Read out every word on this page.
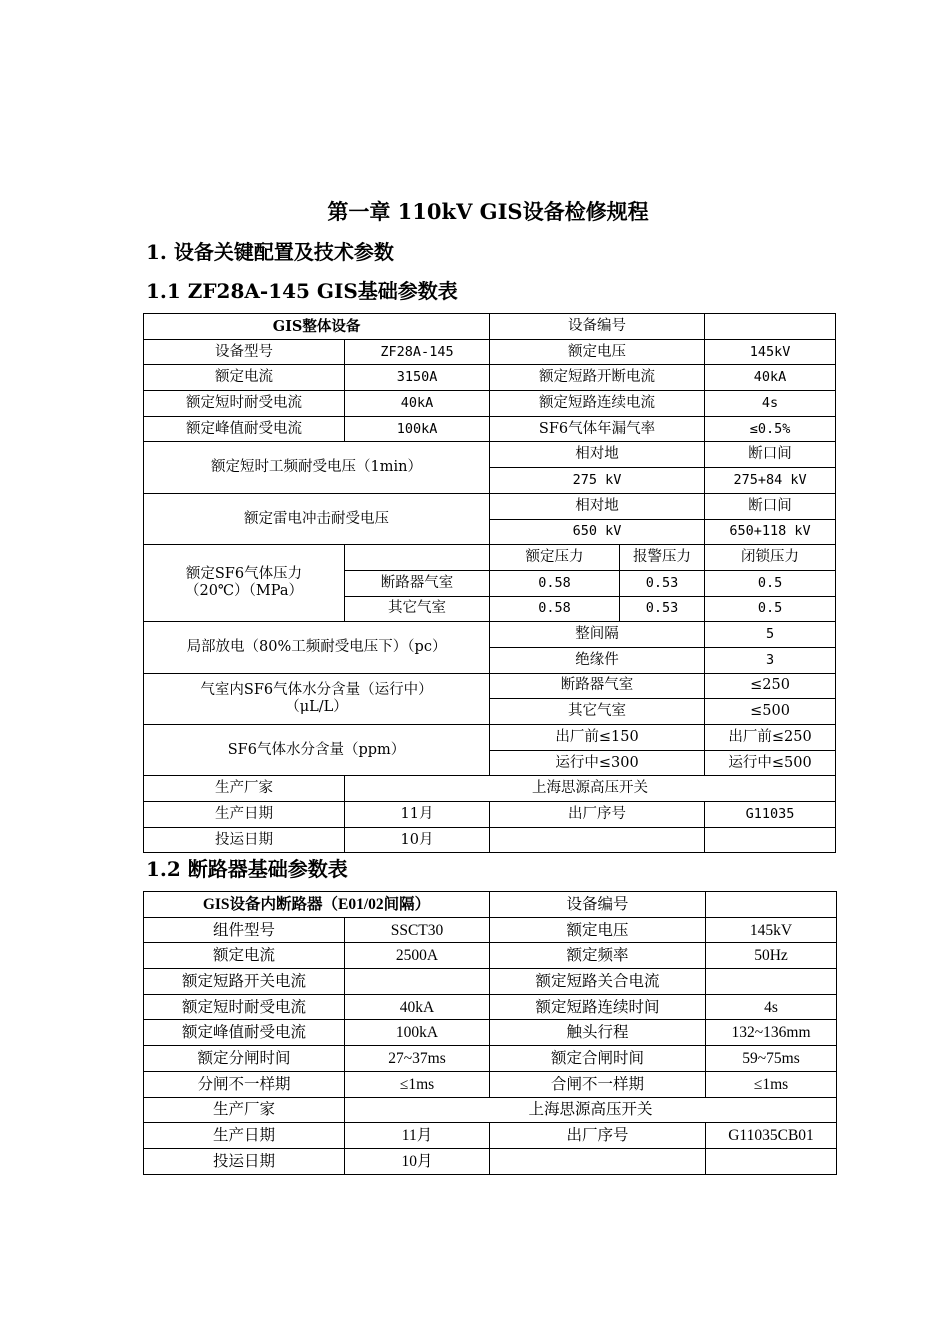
第一章 110kV GIS设备检修规程
1. 设备关键配置及技术参数
1.1 ZF28A-145 GIS基础参数表
GIS整体设备		设备编号		
设备型号	ZF28A-145	额定电压		145kV
额定电流	3150A	额定短路开断电流		40kA
额定短时耐受电流	40kA	额定短路连续电流		4s
额定峰值耐受电流	100kA	SF6气体年漏气率		≤0.5%
额定短时工频耐受电压（1min）		相对地		断口间
		275 kV		275+84 kV
额定雷电冲击耐受电压		相对地		断口间
		650 kV		650+118 kV

额定SF6气体压力
（20℃）（MPa）		额定压力	报警压力	闭锁压力
	断路器气室	0.58	0.53	0.5
	其它气室	0.58	0.53	0.5
局部放电（80%工频耐受电压下）（pc）		整间隔		5
		绝缘件		3

气室内SF6气体水分含量（运行中）
（μL/L）		断路器气室		≤250
		其它气室		≤500
SF6气体水分含量（ppm）		出厂前≤150		出厂前≤250
		运行中≤300		运行中≤500
生产厂家	上海思源高压开关			
生产日期	11月	出厂序号		G11035
投运日期	10月			
1.2 断路器基础参数表
GIS设备内断路器（E01/02间隔）		设备编号	
组件型号	SSCT30	额定电压	145kV
额定电流	2500A	额定频率	50Hz
额定短路开关电流		额定短路关合电流	
额定短时耐受电流	40kA	额定短路连续时间	4s
额定峰值耐受电流	100kA	触头行程	132~136mm
额定分闸时间	27~37ms	额定合闸时间	59~75ms
分闸不一样期	≤1ms	合闸不一样期	≤1ms
生产厂家	上海思源高压开关		
生产日期	11月	出厂序号	G11035CB01
投运日期	10月		
